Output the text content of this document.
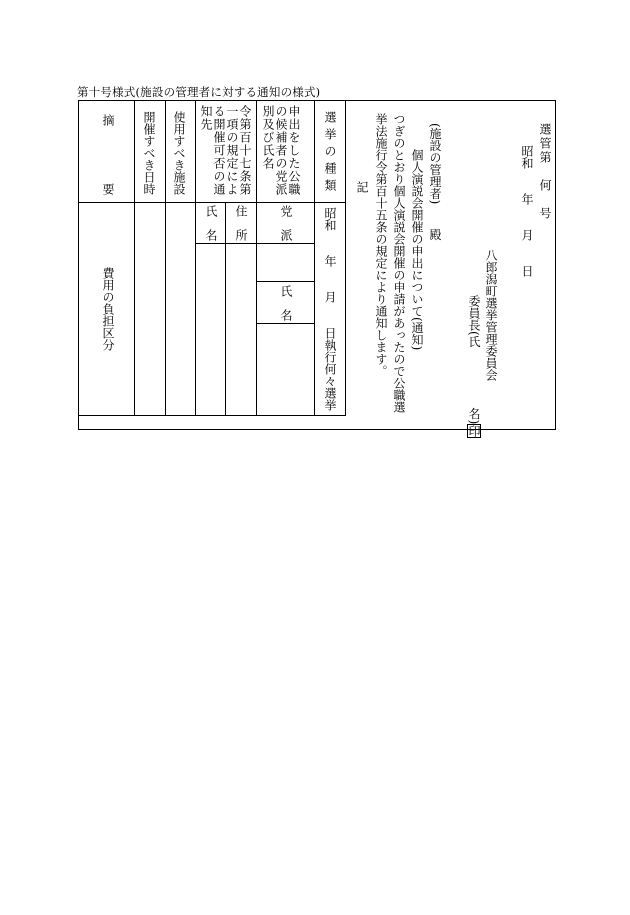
第十号様式(施設の管理者に対する通知の様式)
選管第　何　号
昭和　　年　　月　　日
八郎潟町選挙管理委員会
委員長(氏　　　　　名)印
(施設の管理者)　　殿
個人演説会開催の申出について(通知)
つぎのとおり個人演説会開催の申請があったので公職選
挙法施行令第百十五条の規定により通知します。
記
選挙の種類
申出をした公職の候補者の党派別及び氏名
令第百十七条第一項の規定による開催可否の通知先
使用すべき施設
開催すべき日時
摘
要
昭和　　年　　月　　日執行何々選挙
党　派
氏　名
住　所
氏　名
費用の負担区分
